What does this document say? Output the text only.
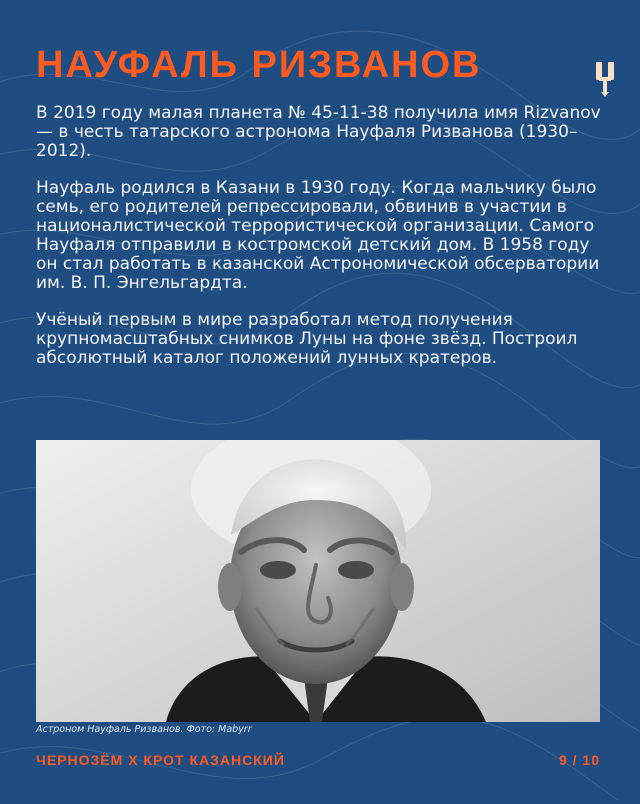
НАУФАЛЬ РИЗВАНОВ

В 2019 году малая планета № 45-11-38 получила имя Rizvanov — в честь татарского астронома Науфаля Ризванова (1930–2012).

Науфаль родился в Казани в 1930 году. Когда мальчику было семь, его родителей репрессировали, обвинив в участии в националистической террористической организации. Самого Науфаля отправили в костромской детский дом. В 1958 году он стал работать в казанской Астрономической обсерватории им. В. П. Энгельгардта.

Учёный первым в мире разработал метод получения крупномасштабных снимков Луны на фоне звёзд. Построил абсолютный каталог положений лунных кратеров.

Астроном Науфаль Ризванов. Фото: Mabyrr
ЧЕРНОЗЁМ X КРОТ КАЗАНСКИЙ	9 / 10
